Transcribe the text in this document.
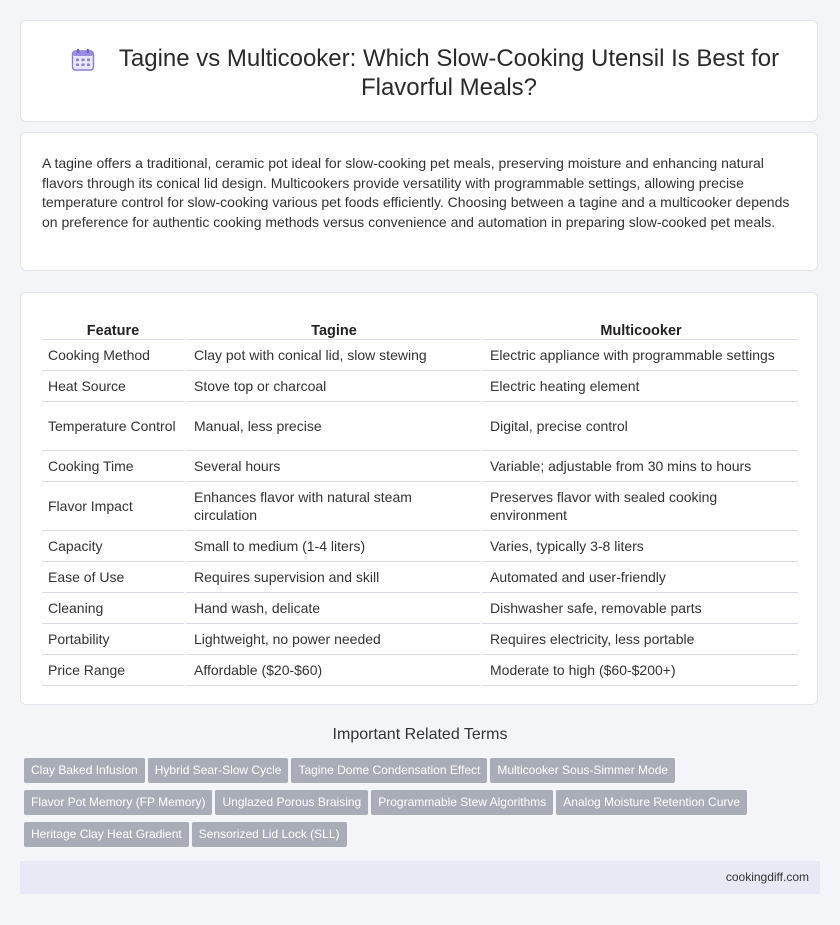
Tagine vs Multicooker: Which Slow-Cooking Utensil Is Best for Flavorful Meals?

A tagine offers a traditional, ceramic pot ideal for slow-cooking pet meals, preserving moisture and enhancing natural flavors through its conical lid design. Multicookers provide versatility with programmable settings, allowing precise temperature control for slow-cooking various pet foods efficiently. Choosing between a tagine and a multicooker depends on preference for authentic cooking methods versus convenience and automation in preparing slow-cooked pet meals.

Feature	Tagine	Multicooker
Cooking Method	Clay pot with conical lid, slow stewing	Electric appliance with programmable settings
Heat Source	Stove top or charcoal	Electric heating element
Temperature Control	Manual, less precise	Digital, precise control
Cooking Time	Several hours	Variable; adjustable from 30 mins to hours
Flavor Impact	Enhances flavor with natural steam circulation	Preserves flavor with sealed cooking environment
Capacity	Small to medium (1-4 liters)	Varies, typically 3-8 liters
Ease of Use	Requires supervision and skill	Automated and user-friendly
Cleaning	Hand wash, delicate	Dishwasher safe, removable parts
Portability	Lightweight, no power needed	Requires electricity, less portable
Price Range	Affordable ($20-$60)	Moderate to high ($60-$200+)
Important Related Terms
Clay Baked Infusion Hybrid Sear-Slow Cycle Tagine Dome Condensation Effect Multicooker Sous-Simmer ModeFlavor Pot Memory (FP Memory) Unglazed Porous Braising Programmable Stew Algorithms Analog Moisture Retention CurveHeritage Clay Heat Gradient Sensorized Lid Lock (SLL)
cookingdiff.com
